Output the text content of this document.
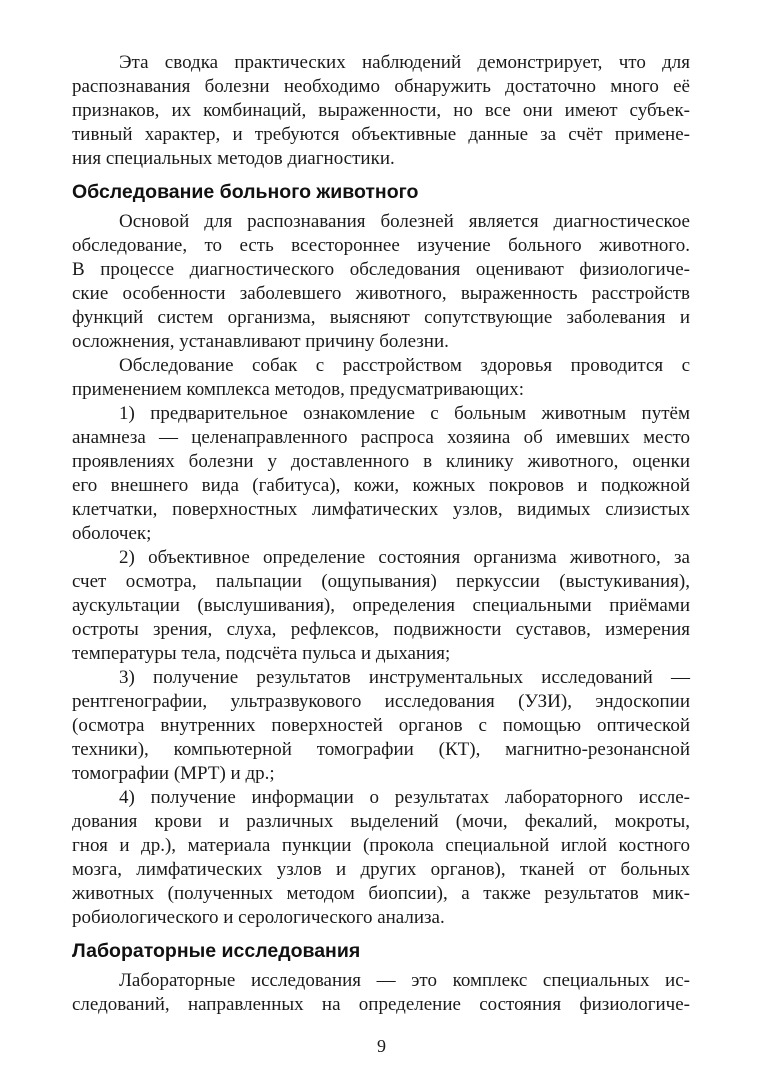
Эта сводка практических наблюдений демонстрирует, что для
распознавания болезни необходимо обнаружить достаточно много её
признаков, их комбинаций, выраженности, но все они имеют субъек-
тивный характер, и требуются объективные данные за счёт примене-
ния специальных методов диагностики.
Обследование больного животного
Основой для распознавания болезней является диагностическое
обследование, то есть всестороннее изучение больного животного.
В процессе диагностического обследования оценивают физиологиче-
ские особенности заболевшего животного, выраженность расстройств
функций систем организма, выясняют сопутствующие заболевания и
осложнения, устанавливают причину болезни.
Обследование собак с расстройством здоровья проводится с
применением комплекса методов, предусматривающих:
1) предварительное ознакомление с больным животным путём
анамнеза — целенаправленного распроса хозяина об имевших место
проявлениях болезни у доставленного в клинику животного, оценки
его внешнего вида (габитуса), кожи, кожных покровов и подкожной
клетчатки, поверхностных лимфатических узлов, видимых слизистых
оболочек;
2) объективное определение состояния организма животного, за
счет осмотра, пальпации (ощупывания) перкуссии (выстукивания),
аускультации (выслушивания), определения специальными приёмами
остроты зрения, слуха, рефлексов, подвижности суставов, измерения
температуры тела, подсчёта пульса и дыхания;
3) получение результатов инструментальных исследований —
рентгенографии, ультразвукового исследования (УЗИ), эндоскопии
(осмотра внутренних поверхностей органов с помощью оптической
техники), компьютерной томографии (КТ), магнитно-резонансной
томографии (МРТ) и др.;
4) получение информации о результатах лабораторного иссле-
дования крови и различных выделений (мочи, фекалий, мокроты,
гноя и др.), материала пункции (прокола специальной иглой костного
мозга, лимфатических узлов и других органов), тканей от больных
животных (полученных методом биопсии), а также результатов мик-
робиологического и серологического анализа.
Лабораторные исследования
Лабораторные исследования — это комплекс специальных ис-
следований, направленных на определение состояния физиологиче-
9
